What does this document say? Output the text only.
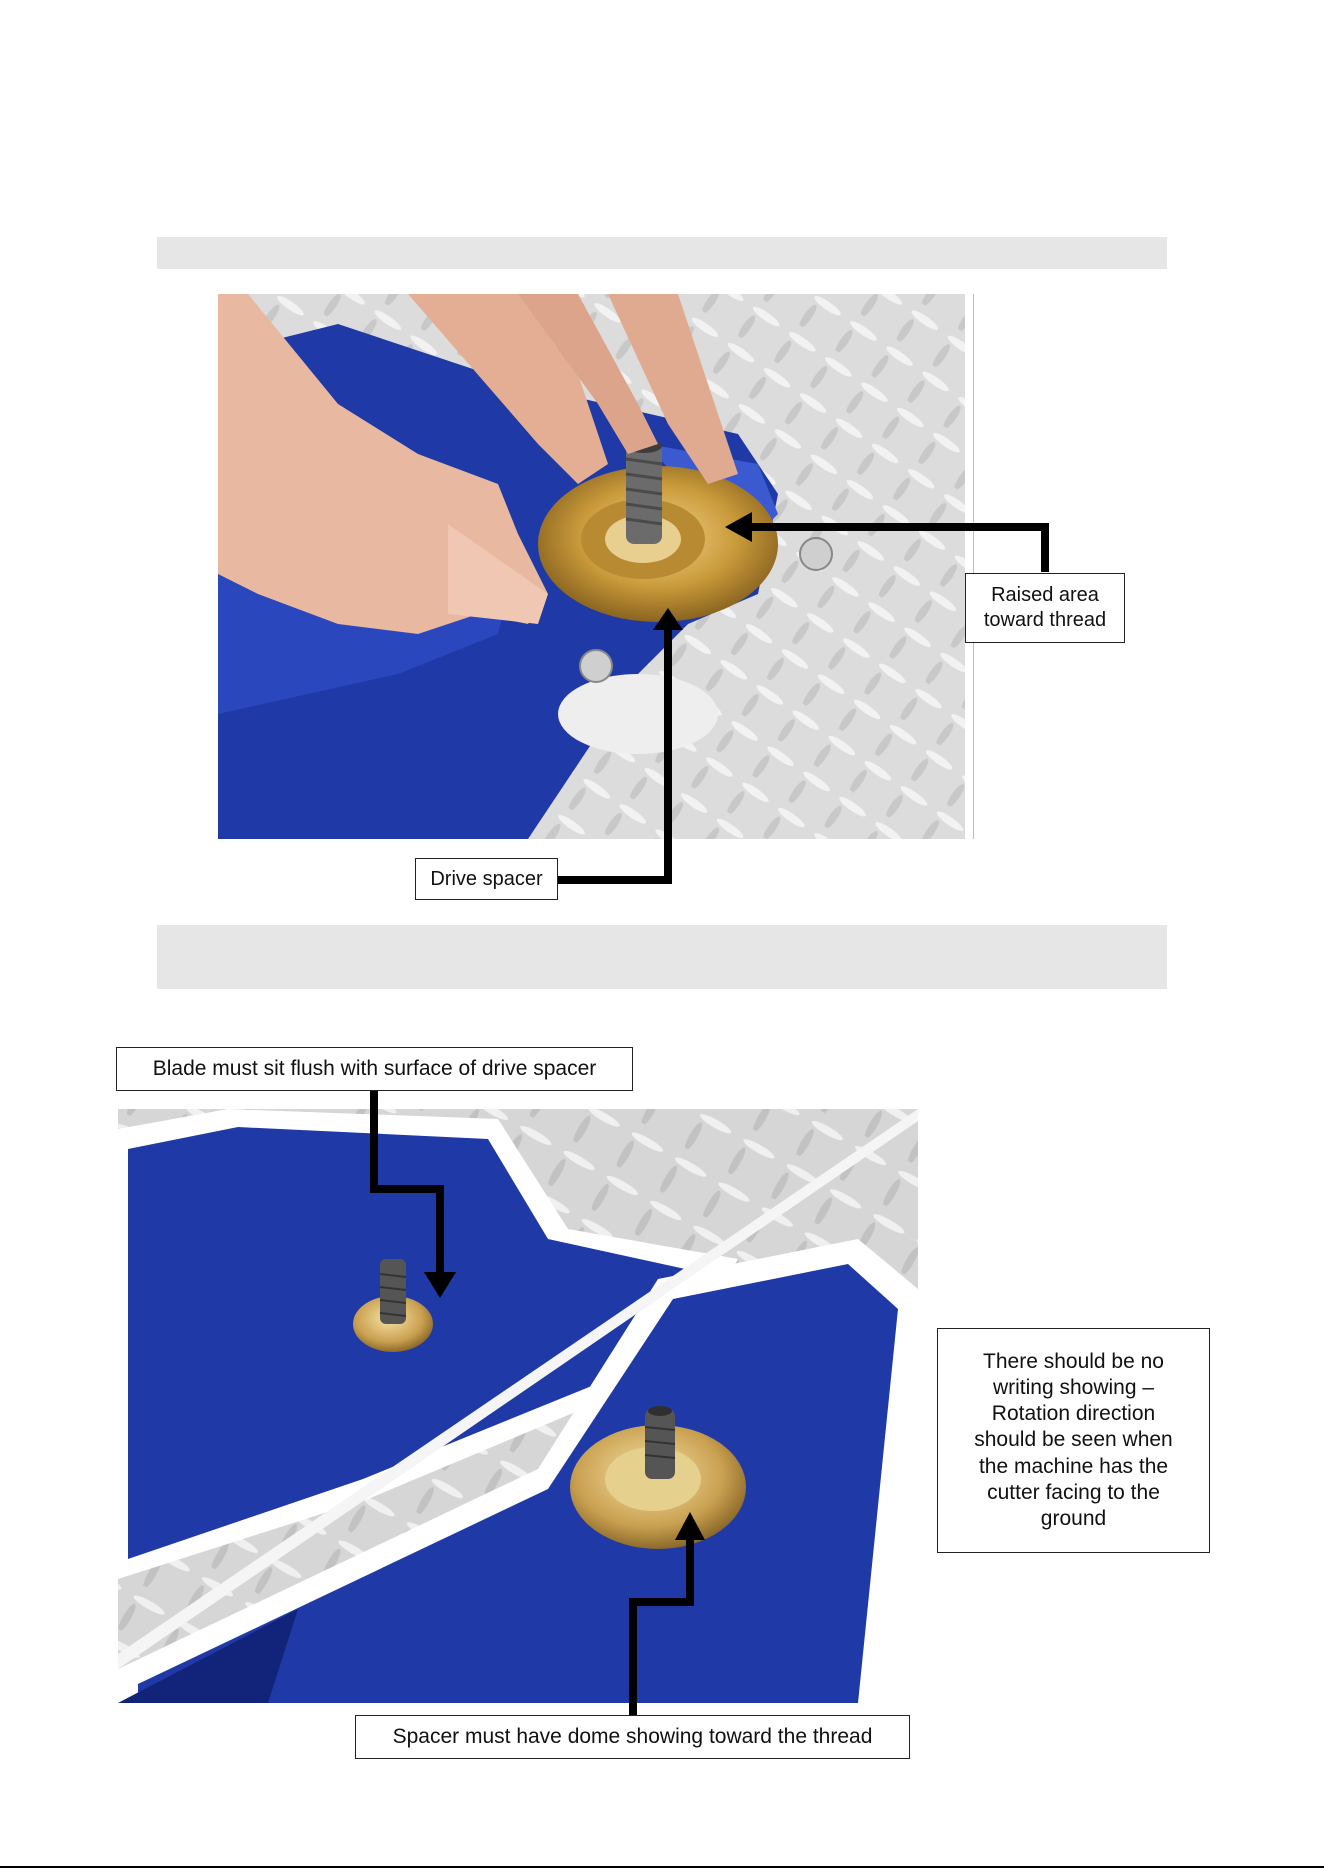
Raised area
toward thread
Drive spacer
Blade must sit flush with surface of drive spacer
There should be no writing showing – Rotation direction should be seen when the machine has the cutter facing to the ground
Spacer must have dome showing toward the thread
